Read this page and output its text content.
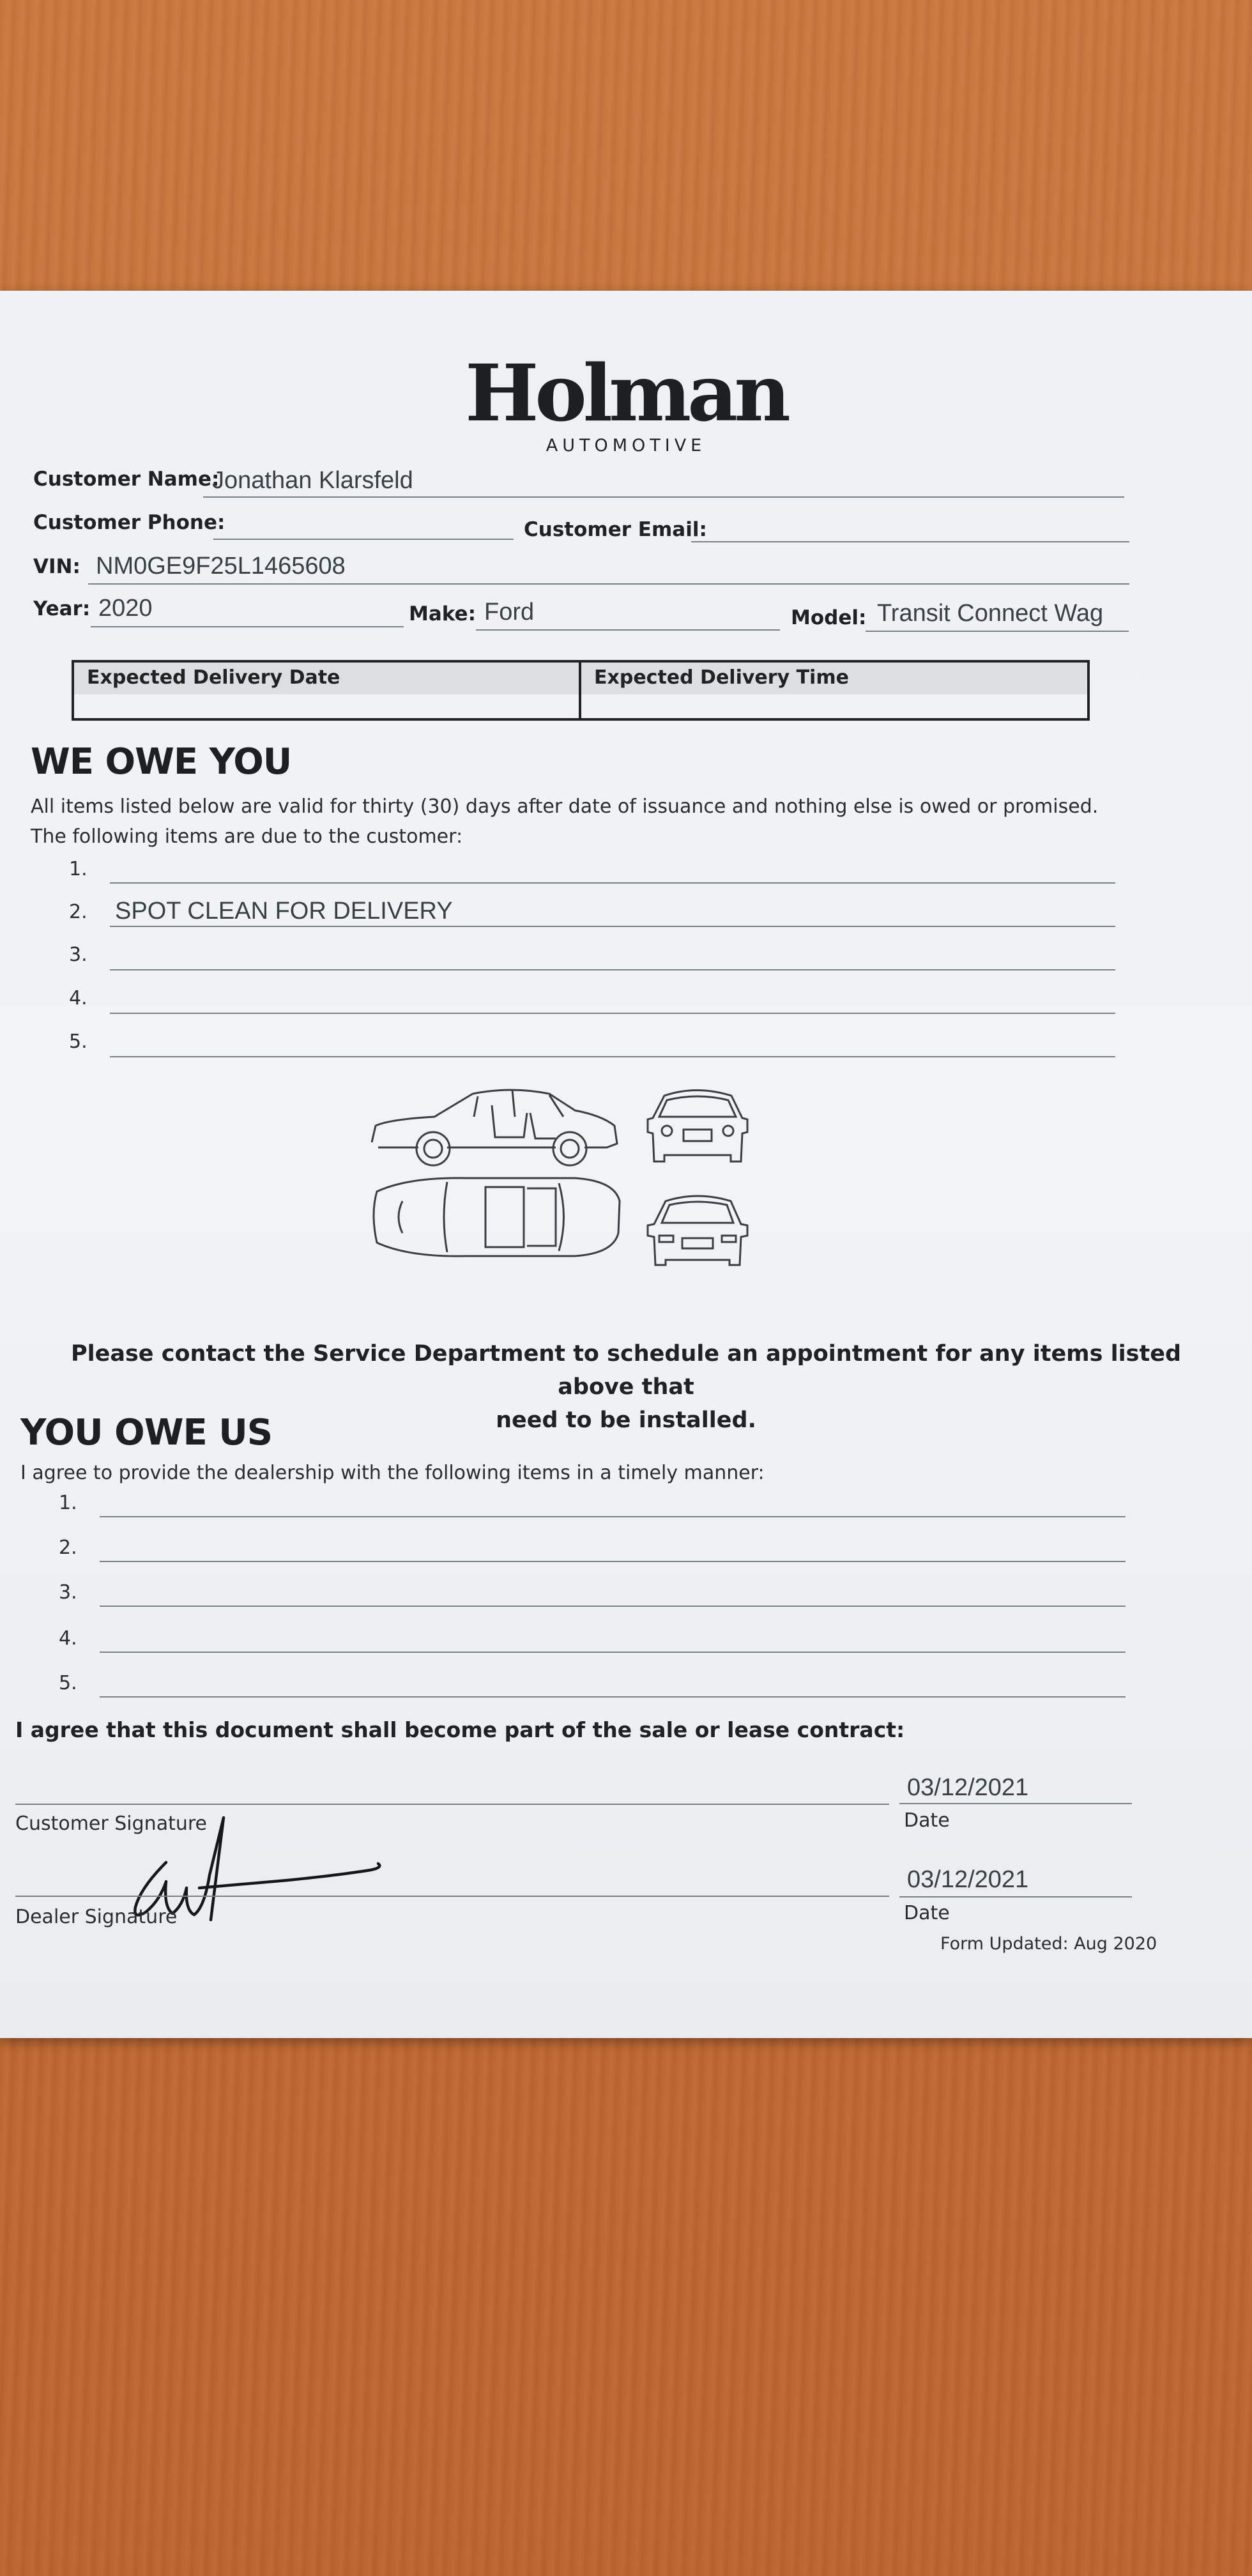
Holman
AUTOMOTIVE
Customer Name:
Jonathan Klarsfeld
Customer Phone:	Customer Email:
VIN: NM0GE9F25L1465608
Year: 2020	Make: Ford	Model: Transit Connect Wag
Expected Delivery Date	Expected Delivery Time
WE OWE YOU
All items listed below are valid for thirty (30) days after date of issuance and nothing else is owed or promised.
The following items are due to the customer:
1.
2. SPOT CLEAN FOR DELIVERY
3.
4.
5.
Please contact the Service Department to schedule an appointment for any items listed above that
need to be installed.
YOU OWE US
I agree to provide the dealership with the following items in a timely manner:
1.
2.
3.
4.
5.
I agree that this document shall become part of the sale or lease contract:
Customer Signature
03/12/2021
Date
Dealer Signature
03/12/2021
Date
Form Updated: Aug 2020
